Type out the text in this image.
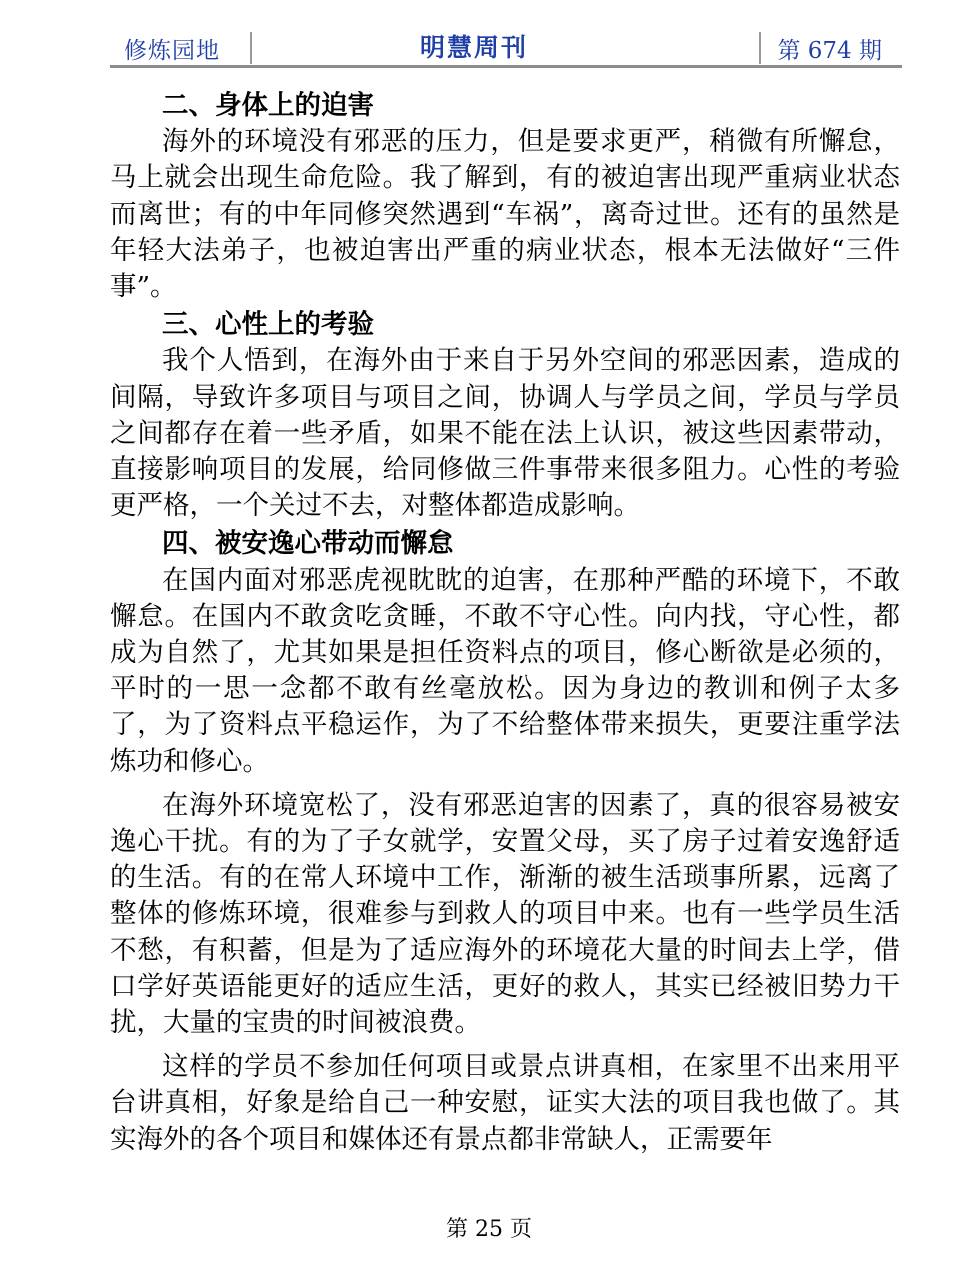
修炼园地	明慧周刊	第 674 期

二、身体上的迫害

海外的环境没有邪恶的压力，但是要求更严，稍微有所懈怠，马上就会出现生命危险。我了解到，有的被迫害出现严重病业状态而离世；有的中年同修突然遇到“车祸”，离奇过世。还有的虽然是年轻大法弟子，也被迫害出严重的病业状态，根本无法做好“三件事”。

三、心性上的考验

我个人悟到，在海外由于来自于另外空间的邪恶因素，造成的间隔，导致许多项目与项目之间，协调人与学员之间，学员与学员之间都存在着一些矛盾，如果不能在法上认识，被这些因素带动，直接影响项目的发展，给同修做三件事带来很多阻力。心性的考验更严格，一个关过不去，对整体都造成影响。

四、被安逸心带动而懈怠

在国内面对邪恶虎视眈眈的迫害，在那种严酷的环境下，不敢懈怠。在国内不敢贪吃贪睡，不敢不守心性。向内找，守心性，都成为自然了，尤其如果是担任资料点的项目，修心断欲是必须的，平时的一思一念都不敢有丝毫放松。因为身边的教训和例子太多了，为了资料点平稳运作，为了不给整体带来损失，更要注重学法炼功和修心。

在海外环境宽松了，没有邪恶迫害的因素了，真的很容易被安逸心干扰。有的为了子女就学，安置父母，买了房子过着安逸舒适的生活。有的在常人环境中工作，渐渐的被生活琐事所累，远离了整体的修炼环境，很难参与到救人的项目中来。也有一些学员生活不愁，有积蓄，但是为了适应海外的环境花大量的时间去上学，借口学好英语能更好的适应生活，更好的救人，其实已经被旧势力干扰，大量的宝贵的时间被浪费。

这样的学员不参加任何项目或景点讲真相，在家里不出来用平台讲真相，好象是给自己一种安慰，证实大法的项目我也做了。其实海外的各个项目和媒体还有景点都非常缺人，正需要年

第 25 页
